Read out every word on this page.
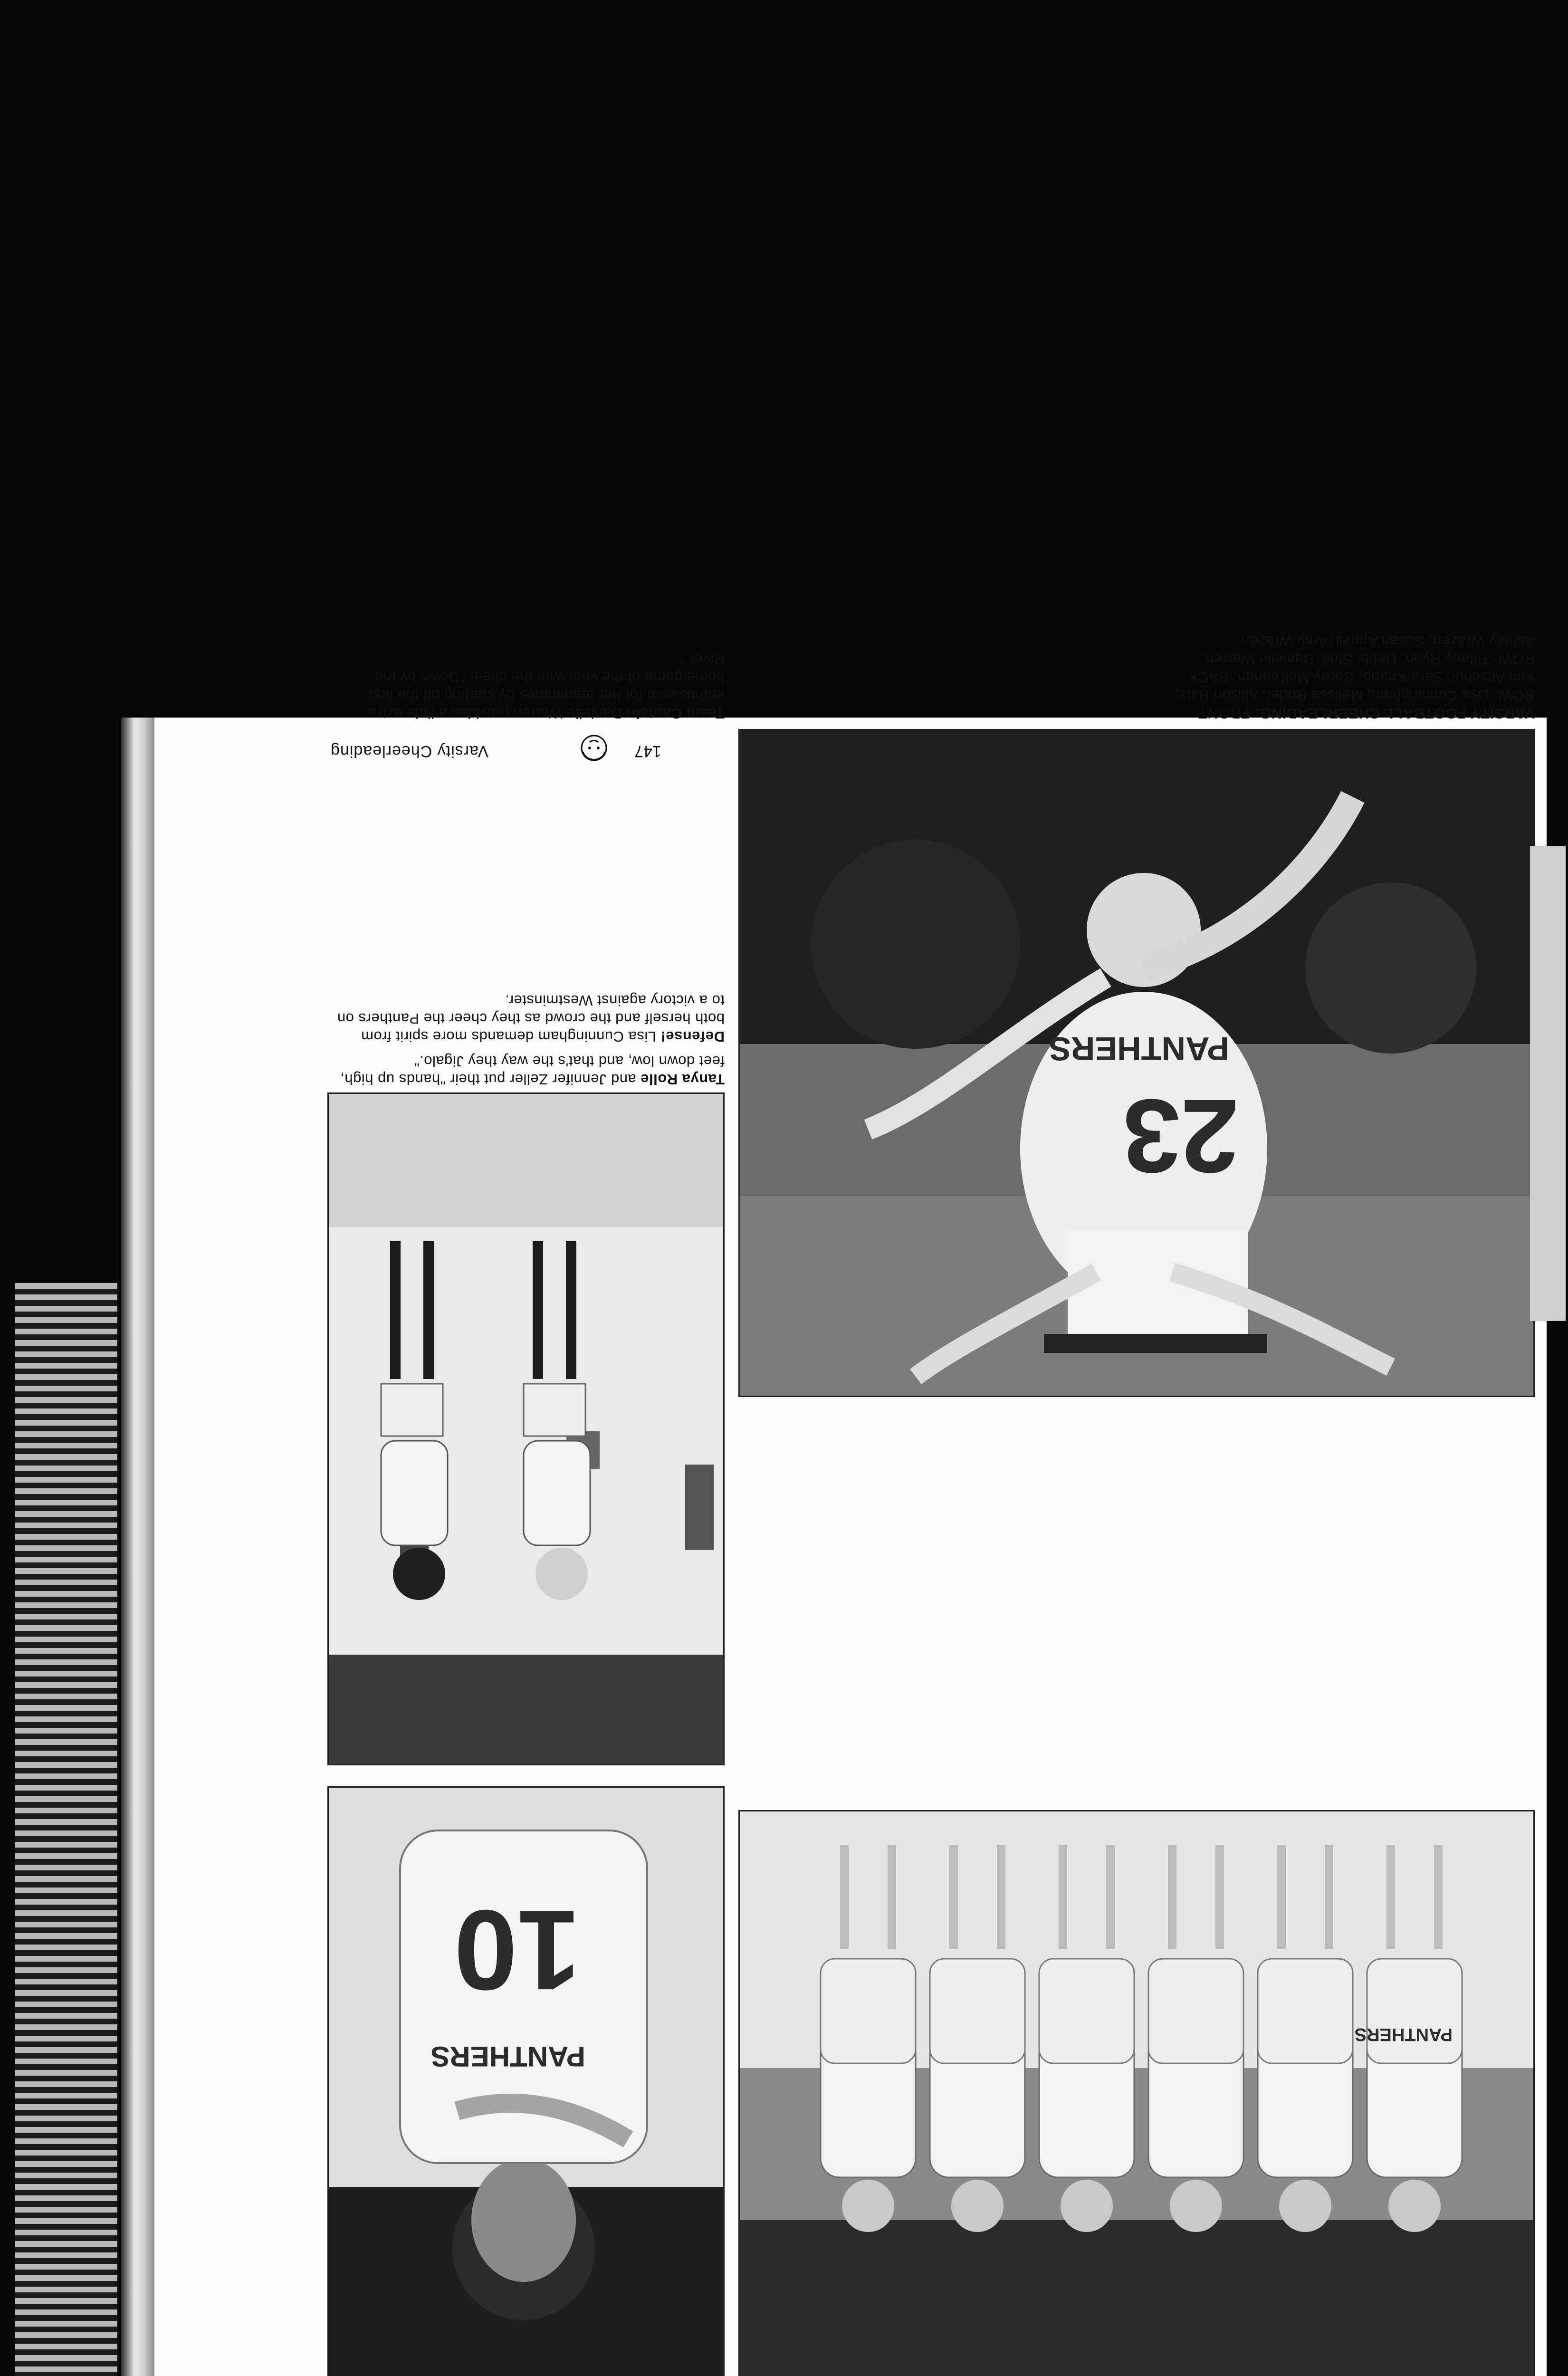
23
PANTHERS
PANTHERS
10
PANTHERS
Tanya Rolle and Jennifer Zeller put their "hands up high, feet down low, and that's the way they Jigalo."
Defense! Lisa Cunningham demands more spirit from both herself and the crowd as they cheer the Panthers on to a victory against Westminster.
Team Captain Danielle Warren provides a little extra enthusiasm for her teammates by starting off the first home game of the year with the cheer "Down by the River."
VARSITY FOOTBALL CHEERLEADING: FRONT ROW: Lisa Cunningham, Melissa Roder, Allison Hiltz, Kim Altschul, Sara Knapp, Carey McKeanan. BACK ROW: Tiffany Ryan, Debbi Stoll, Danielle Warren, Ashley Wrazen, Susan Appell, Amy Wrazen.
Varsity Cheerleading	147
